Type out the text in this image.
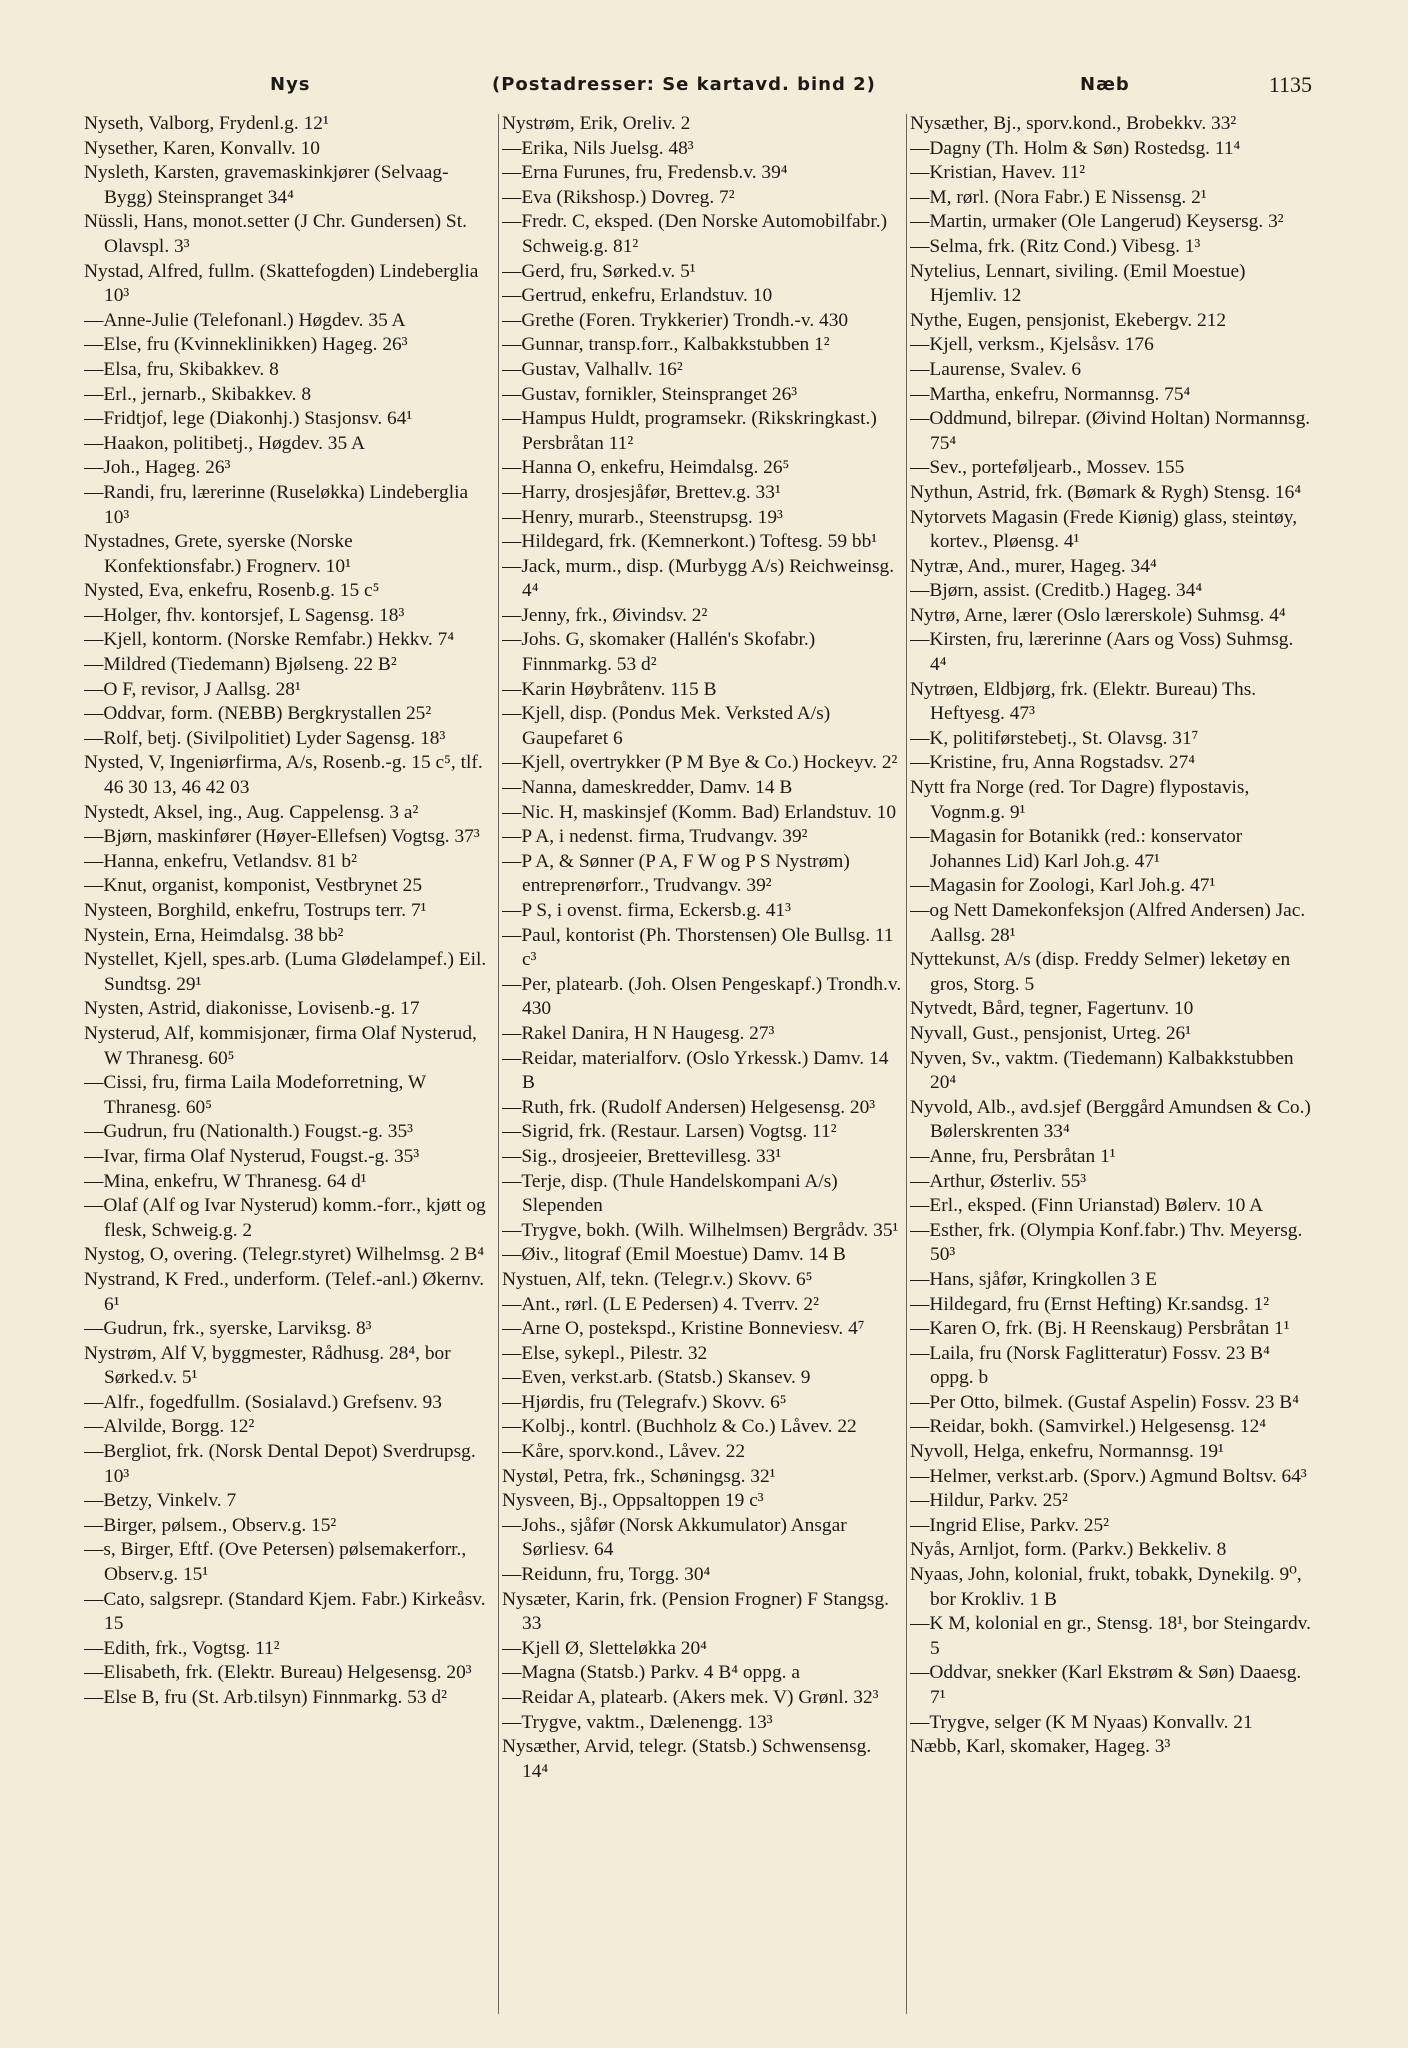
Nys	(Postadresser: Se kartavd. bind 2)	Næb	1135

Nyseth, Valborg, Frydenl.g. 12¹

Nysether, Karen, Konvallv. 10

Nysleth, Karsten, gravemaskinkjører (Selvaag-Bygg) Steinspranget 34⁴

Nüssli, Hans, monot.setter (J Chr. Gundersen) St. Olavspl. 3³

Nystad, Alfred, fullm. (Skattefogden) Lindeberglia 10³

—Anne-Julie (Telefonanl.) Høgdev. 35 A

—Else, fru (Kvinneklinikken) Hageg. 26³

—Elsa, fru, Skibakkev. 8

—Erl., jernarb., Skibakkev. 8

—Fridtjof, lege (Diakonhj.) Stasjonsv. 64¹

—Haakon, politibetj., Høgdev. 35 A

—Joh., Hageg. 26³

—Randi, fru, lærerinne (Ruseløkka) Lindeberglia 10³

Nystadnes, Grete, syerske (Norske Konfektionsfabr.) Frognerv. 10¹

Nysted, Eva, enkefru, Rosenb.g. 15 c⁵

—Holger, fhv. kontorsjef, L Sagensg. 18³

—Kjell, kontorm. (Norske Remfabr.) Hekkv. 7⁴

—Mildred (Tiedemann) Bjølseng. 22 B²

—O F, revisor, J Aallsg. 28¹

—Oddvar, form. (NEBB) Bergkrystallen 25²

—Rolf, betj. (Sivilpolitiet) Lyder Sagensg. 18³

Nysted, V, Ingeniørfirma, A/s, Rosenb.-g. 15 c⁵, tlf. 46 30 13, 46 42 03

Nystedt, Aksel, ing., Aug. Cappelensg. 3 a²

—Bjørn, maskinfører (Høyer-Ellefsen) Vogtsg. 37³

—Hanna, enkefru, Vetlandsv. 81 b²

—Knut, organist, komponist, Vestbrynet 25

Nysteen, Borghild, enkefru, Tostrups terr. 7¹

Nystein, Erna, Heimdalsg. 38 bb²

Nystellet, Kjell, spes.arb. (Luma Glødelampef.) Eil. Sundtsg. 29¹

Nysten, Astrid, diakonisse, Lovisenb.-g. 17

Nysterud, Alf, kommisjonær, firma Olaf Nysterud, W Thranesg. 60⁵

—Cissi, fru, firma Laila Modeforretning, W Thranesg. 60⁵

—Gudrun, fru (Nationalth.) Fougst.-g. 35³

—Ivar, firma Olaf Nysterud, Fougst.-g. 35³

—Mina, enkefru, W Thranesg. 64 d¹

—Olaf (Alf og Ivar Nysterud) komm.-forr., kjøtt og flesk, Schweig.g. 2

Nystog, O, overing. (Telegr.styret) Wilhelmsg. 2 B⁴

Nystrand, K Fred., underform. (Telef.-anl.) Økernv. 6¹

—Gudrun, frk., syerske, Larviksg. 8³

Nystrøm, Alf V, byggmester, Rådhusg. 28⁴, bor Sørked.v. 5¹

—Alfr., fogedfullm. (Sosialavd.) Grefsenv. 93

—Alvilde, Borgg. 12²

—Bergliot, frk. (Norsk Dental Depot) Sverdrupsg. 10³

—Betzy, Vinkelv. 7

—Birger, pølsem., Observ.g. 15²

—s, Birger, Eftf. (Ove Petersen) pølsemakerforr., Observ.g. 15¹

—Cato, salgsrepr. (Standard Kjem. Fabr.) Kirkeåsv. 15

—Edith, frk., Vogtsg. 11²

—Elisabeth, frk. (Elektr. Bureau) Helgesensg. 20³

—Else B, fru (St. Arb.tilsyn) Finnmarkg. 53 d²

Nystrøm, Erik, Oreliv. 2

—Erika, Nils Juelsg. 48³

—Erna Furunes, fru, Fredensb.v. 39⁴

—Eva (Rikshosp.) Dovreg. 7²

—Fredr. C, eksped. (Den Norske Automobilfabr.) Schweig.g. 81²

—Gerd, fru, Sørked.v. 5¹

—Gertrud, enkefru, Erlandstuv. 10

—Grethe (Foren. Trykkerier) Trondh.-v. 430

—Gunnar, transp.forr., Kalbakkstubben 1²

—Gustav, Valhallv. 16²

—Gustav, fornikler, Steinspranget 26³

—Hampus Huldt, programsekr. (Rikskringkast.) Persbråtan 11²

—Hanna O, enkefru, Heimdalsg. 26⁵

—Harry, drosjesjåfør, Brettev.g. 33¹

—Henry, murarb., Steenstrupsg. 19³

—Hildegard, frk. (Kemnerkont.) Toftesg. 59 bb¹

—Jack, murm., disp. (Murbygg A/s) Reichweinsg. 4⁴

—Jenny, frk., Øivindsv. 2²

—Johs. G, skomaker (Hallén's Skofabr.) Finnmarkg. 53 d²

—Karin Høybråtenv. 115 B

—Kjell, disp. (Pondus Mek. Verksted A/s) Gaupefaret 6

—Kjell, overtrykker (P M Bye & Co.) Hockeyv. 2²

—Nanna, dameskredder, Damv. 14 B

—Nic. H, maskinsjef (Komm. Bad) Erlandstuv. 10

—P A, i nedenst. firma, Trudvangv. 39²

—P A, & Sønner (P A, F W og P S Nystrøm) entreprenørforr., Trudvangv. 39²

—P S, i ovenst. firma, Eckersb.g. 41³

—Paul, kontorist (Ph. Thorstensen) Ole Bullsg. 11 c³

—Per, platearb. (Joh. Olsen Pengeskapf.) Trondh.v. 430

—Rakel Danira, H N Haugesg. 27³

—Reidar, materialforv. (Oslo Yrkessk.) Damv. 14 B

—Ruth, frk. (Rudolf Andersen) Helgesensg. 20³

—Sigrid, frk. (Restaur. Larsen) Vogtsg. 11²

—Sig., drosjeeier, Brettevillesg. 33¹

—Terje, disp. (Thule Handelskompani A/s) Slependen

—Trygve, bokh. (Wilh. Wilhelmsen) Bergrådv. 35¹

—Øiv., litograf (Emil Moestue) Damv. 14 B

Nystuen, Alf, tekn. (Telegr.v.) Skovv. 6⁵

—Ant., rørl. (L E Pedersen) 4. Tverrv. 2²

—Arne O, postekspd., Kristine Bonneviesv. 4⁷

—Else, sykepl., Pilestr. 32

—Even, verkst.arb. (Statsb.) Skansev. 9

—Hjørdis, fru (Telegrafv.) Skovv. 6⁵

—Kolbj., kontrl. (Buchholz & Co.) Låvev. 22

—Kåre, sporv.kond., Låvev. 22

Nystøl, Petra, frk., Schøningsg. 32¹

Nysveen, Bj., Oppsaltoppen 19 c³

—Johs., sjåfør (Norsk Akkumulator) Ansgar Sørliesv. 64

—Reidunn, fru, Torgg. 30⁴

Nysæter, Karin, frk. (Pension Frogner) F Stangsg. 33

—Kjell Ø, Sletteløkka 20⁴

—Magna (Statsb.) Parkv. 4 B⁴ oppg. a

—Reidar A, platearb. (Akers mek. V) Grønl. 32³

—Trygve, vaktm., Dælenengg. 13³

Nysæther, Arvid, telegr. (Statsb.) Schwensensg. 14⁴

Nysæther, Bj., sporv.kond., Brobekkv. 33²

—Dagny (Th. Holm & Søn) Rostedsg. 11⁴

—Kristian, Havev. 11²

—M, rørl. (Nora Fabr.) E Nissensg. 2¹

—Martin, urmaker (Ole Langerud) Keysersg. 3²

—Selma, frk. (Ritz Cond.) Vibesg. 1³

Nytelius, Lennart, siviling. (Emil Moestue) Hjemliv. 12

Nythe, Eugen, pensjonist, Ekebergv. 212

—Kjell, verksm., Kjelsåsv. 176

—Laurense, Svalev. 6

—Martha, enkefru, Normannsg. 75⁴

—Oddmund, bilrepar. (Øivind Holtan) Normannsg. 75⁴

—Sev., porteføljearb., Mossev. 155

Nythun, Astrid, frk. (Bømark & Rygh) Stensg. 16⁴

Nytorvets Magasin (Frede Kiønig) glass, steintøy, kortev., Pløensg. 4¹

Nytræ, And., murer, Hageg. 34⁴

—Bjørn, assist. (Creditb.) Hageg. 34⁴

Nytrø, Arne, lærer (Oslo lærerskole) Suhmsg. 4⁴

—Kirsten, fru, lærerinne (Aars og Voss) Suhmsg. 4⁴

Nytrøen, Eldbjørg, frk. (Elektr. Bureau) Ths. Heftyesg. 47³

—K, politiførstebetj., St. Olavsg. 31⁷

—Kristine, fru, Anna Rogstadsv. 27⁴

Nytt fra Norge (red. Tor Dagre) flypostavis, Vognm.g. 9¹

—Magasin for Botanikk (red.: konservator Johannes Lid) Karl Joh.g. 47¹

—Magasin for Zoologi, Karl Joh.g. 47¹

—og Nett Damekonfeksjon (Alfred Andersen) Jac. Aallsg. 28¹

Nyttekunst, A/s (disp. Freddy Selmer) leketøy en gros, Storg. 5

Nytvedt, Bård, tegner, Fagertunv. 10

Nyvall, Gust., pensjonist, Urteg. 26¹

Nyven, Sv., vaktm. (Tiedemann) Kalbakkstubben 20⁴

Nyvold, Alb., avd.sjef (Berggård Amundsen & Co.) Bølerskrenten 33⁴

—Anne, fru, Persbråtan 1¹

—Arthur, Østerliv. 55³

—Erl., eksped. (Finn Urianstad) Bølerv. 10 A

—Esther, frk. (Olympia Konf.fabr.) Thv. Meyersg. 50³

—Hans, sjåfør, Kringkollen 3 E

—Hildegard, fru (Ernst Hefting) Kr.sandsg. 1²

—Karen O, frk. (Bj. H Reenskaug) Persbråtan 1¹

—Laila, fru (Norsk Faglitteratur) Fossv. 23 B⁴ oppg. b

—Per Otto, bilmek. (Gustaf Aspelin) Fossv. 23 B⁴

—Reidar, bokh. (Samvirkel.) Helgesensg. 12⁴

Nyvoll, Helga, enkefru, Normannsg. 19¹

—Helmer, verkst.arb. (Sporv.) Agmund Boltsv. 64³

—Hildur, Parkv. 25²

—Ingrid Elise, Parkv. 25²

Nyås, Arnljot, form. (Parkv.) Bekkeliv. 8

Nyaas, John, kolonial, frukt, tobakk, Dynekilg. 9⁰, bor Krokliv. 1 B

—K M, kolonial en gr., Stensg. 18¹, bor Steingardv. 5

—Oddvar, snekker (Karl Ekstrøm & Søn) Daaesg. 7¹

—Trygve, selger (K M Nyaas) Konvallv. 21

Næbb, Karl, skomaker, Hageg. 3³
